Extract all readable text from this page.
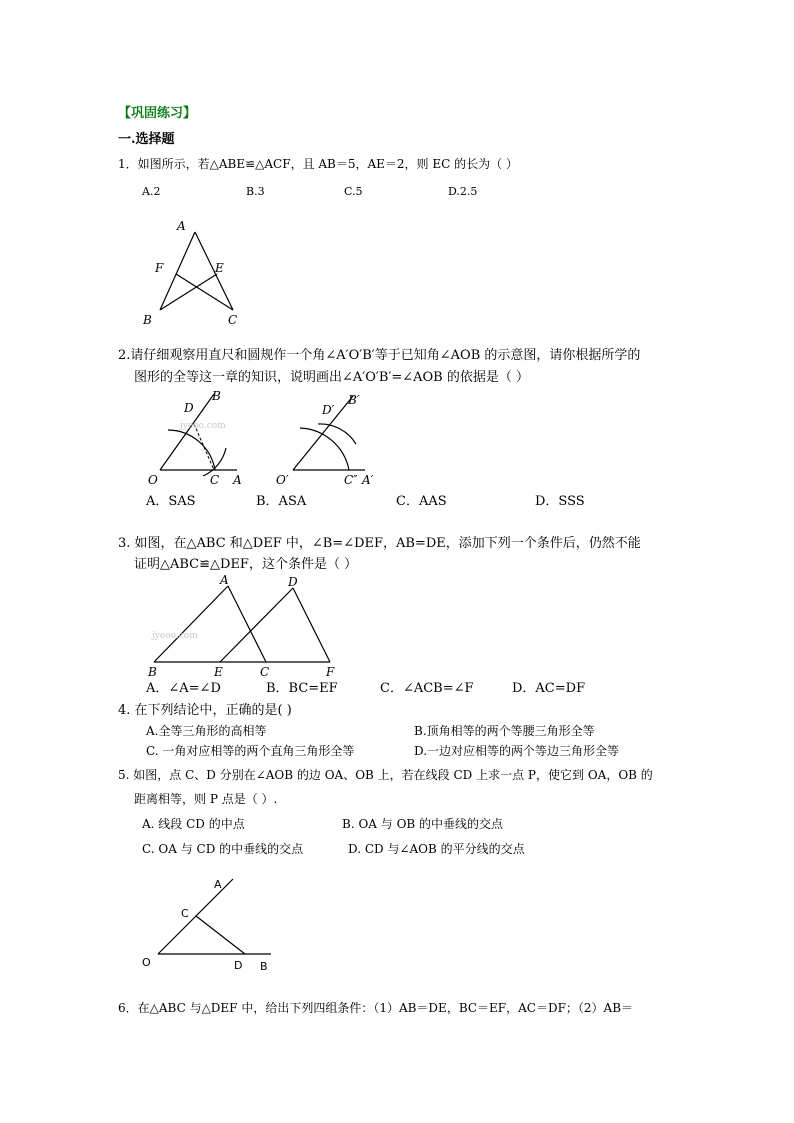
【巩固练习】
一.选择题
1．如图所示，若△ABE≌△ACF，且 AB＝5，AE＝2，则 EC 的长为（ ）
A.2	B.3	C.5	D.2.5
A
F	E
B	C
2.请仔细观察用直尺和圆规作一个角∠A′O′B′等于已知角∠AOB 的示意图，请你根据所学的
图形的全等这一章的知识，说明画出∠A′O′B′=∠AOB 的依据是（ ）
B
D
O	C A
jyeoo.com
B′
D′
O′	C″ A′
A．SAS	B．ASA	C．AAS	D．SSS
3. 如图，在△ABC 和△DEF 中，∠B=∠DEF，AB=DE，添加下列一个条件后，仍然不能
证明△ABC≌△DEF，这个条件是（ ）
A	D
B	E	C	F
jyeoo.com
A．∠A=∠D	B．BC=EF	C．∠ACB=∠F	D．AC=DF
4. 在下列结论中，正确的是( )
A.全等三角形的高相等	B.顶角相等的两个等腰三角形全等
C. 一角对应相等的两个直角三角形全等	D.一边对应相等的两个等边三角形全等
5. 如图，点 C、D 分别在∠AOB 的边 OA、OB 上，若在线段 CD 上求一点 P，使它到 OA，OB 的
距离相等，则 P 点是（ ）.
A. 线段 CD 的中点	B. OA 与 OB 的中垂线的交点
C. OA 与 CD 的中垂线的交点	D. CD 与∠AOB 的平分线的交点
A
C
O	D B
6．在△ABC 与△DEF 中，给出下列四组条件：（1）AB＝DE，BC＝EF，AC＝DF；（2）AB＝
